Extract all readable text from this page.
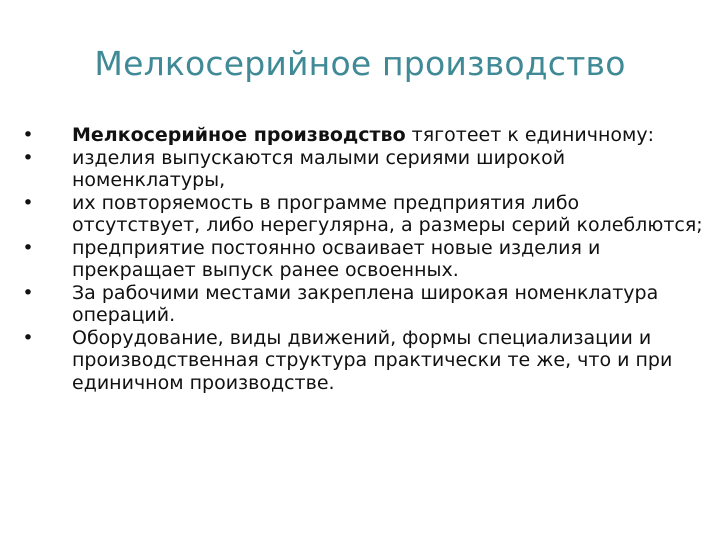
Мелкосерийное производство
• Мелкосерийное производство тяготеет к единичному:
• изделия выпускаются малыми сериями широкой номенклатуры,
• их повторяемость в программе предприятия либо отсутствует, либо нерегулярна, а размеры серий колеблются;
• предприятие постоянно осваивает новые изделия и прекращает выпуск ранее освоенных.
• За рабочими местами закреплена широкая номенклатура операций.
• Оборудование, виды движений, формы специализации и производственная структура практически те же, что и при единичном производстве.
